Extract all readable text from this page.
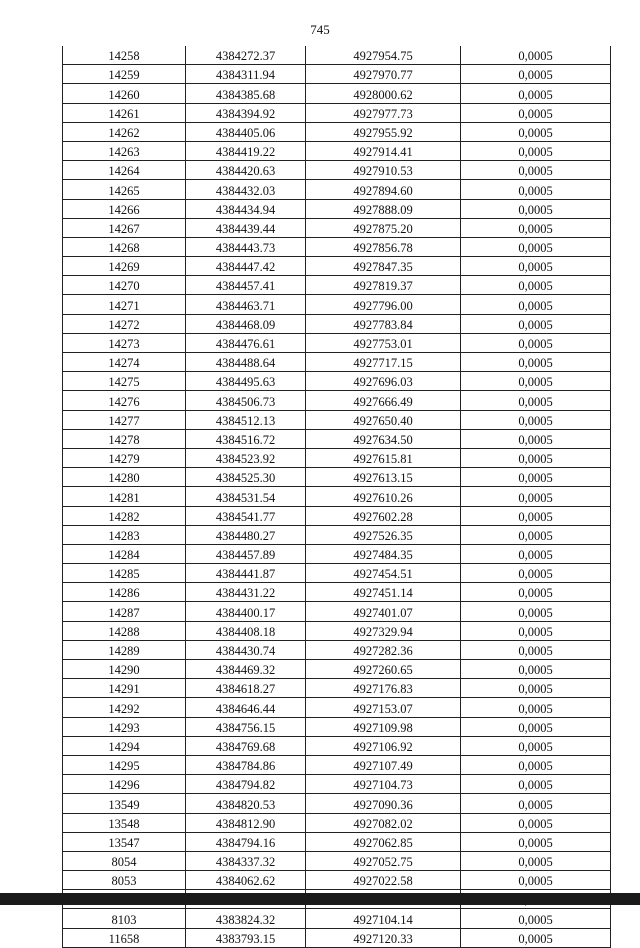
745
14258	4384272.37	4927954.75	0,0005
14259	4384311.94	4927970.77	0,0005
14260	4384385.68	4928000.62	0,0005
14261	4384394.92	4927977.73	0,0005
14262	4384405.06	4927955.92	0,0005
14263	4384419.22	4927914.41	0,0005
14264	4384420.63	4927910.53	0,0005
14265	4384432.03	4927894.60	0,0005
14266	4384434.94	4927888.09	0,0005
14267	4384439.44	4927875.20	0,0005
14268	4384443.73	4927856.78	0,0005
14269	4384447.42	4927847.35	0,0005
14270	4384457.41	4927819.37	0,0005
14271	4384463.71	4927796.00	0,0005
14272	4384468.09	4927783.84	0,0005
14273	4384476.61	4927753.01	0,0005
14274	4384488.64	4927717.15	0,0005
14275	4384495.63	4927696.03	0,0005
14276	4384506.73	4927666.49	0,0005
14277	4384512.13	4927650.40	0,0005
14278	4384516.72	4927634.50	0,0005
14279	4384523.92	4927615.81	0,0005
14280	4384525.30	4927613.15	0,0005
14281	4384531.54	4927610.26	0,0005
14282	4384541.77	4927602.28	0,0005
14283	4384480.27	4927526.35	0,0005
14284	4384457.89	4927484.35	0,0005
14285	4384441.87	4927454.51	0,0005
14286	4384431.22	4927451.14	0,0005
14287	4384400.17	4927401.07	0,0005
14288	4384408.18	4927329.94	0,0005
14289	4384430.74	4927282.36	0,0005
14290	4384469.32	4927260.65	0,0005
14291	4384618.27	4927176.83	0,0005
14292	4384646.44	4927153.07	0,0005
14293	4384756.15	4927109.98	0,0005
14294	4384769.68	4927106.92	0,0005
14295	4384784.86	4927107.49	0,0005
14296	4384794.82	4927104.73	0,0005
13549	4384820.53	4927090.36	0,0005
13548	4384812.90	4927082.02	0,0005
13547	4384794.16	4927062.85	0,0005
8054	4384337.32	4927052.75	0,0005
8053	4384062.62	4927022.58	0,0005

8103	4383824.32	4927104.14	0,0005
11658	4383793.15	4927120.33	0,0005
